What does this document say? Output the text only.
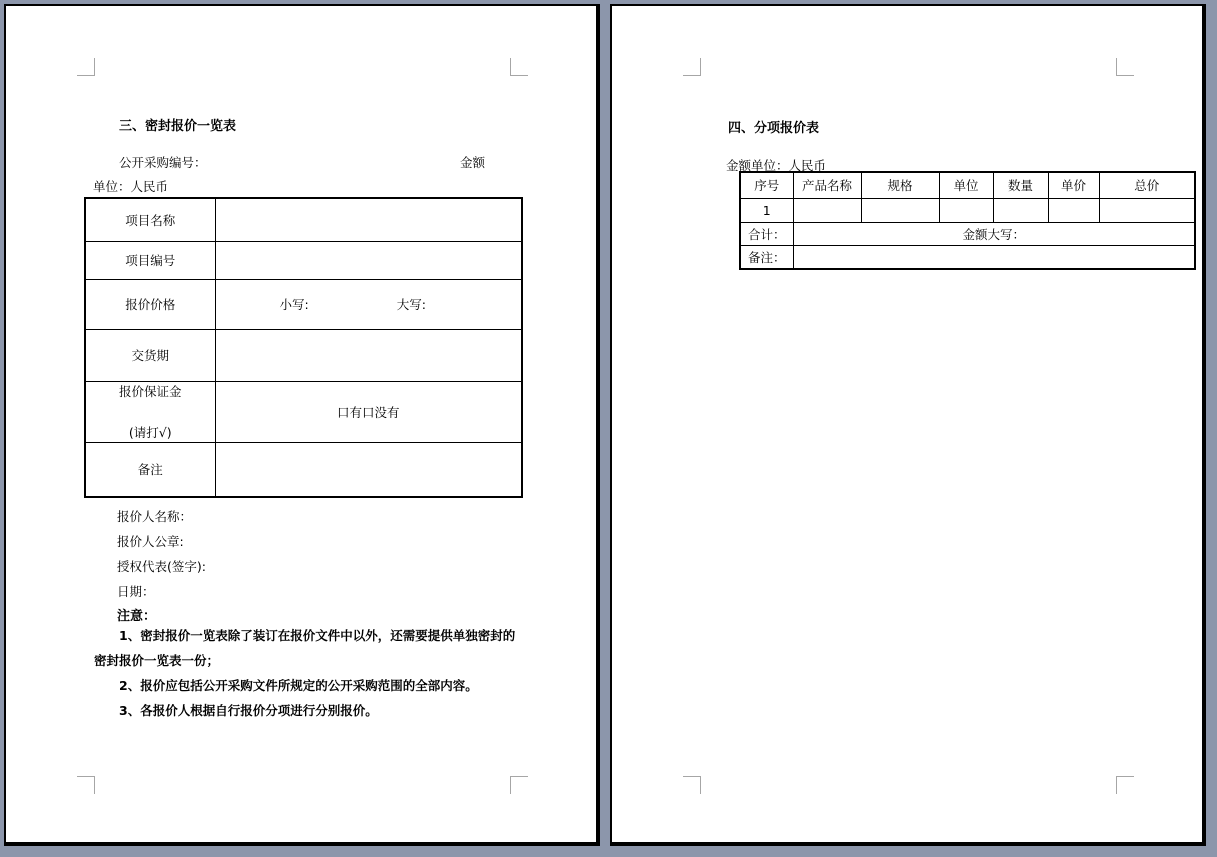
三、密封报价一览表
公开采购编号：	金额
单位：人民币
项目名称	
项目编号	
报价价格	小写: 大写:

交货期	

报价保证金
(请打√)	口有口没有
备注	
报价人名称：
报价人公章:
授权代表(签字):
日期：
注意：

1、密封报价一览表除了装订在报价文件中以外，还需要提供单独密封的密封报价一览表一份；

2、报价应包括公开采购文件所规定的公开采购范围的全部内容。

3、各报价人根据自行报价分项进行分别报价。

四、分项报价表
金额单位：人民币
序号	产品名称	规格	单位	数量	单价	总价
1						
合计：	金额大写：					
备注：						
